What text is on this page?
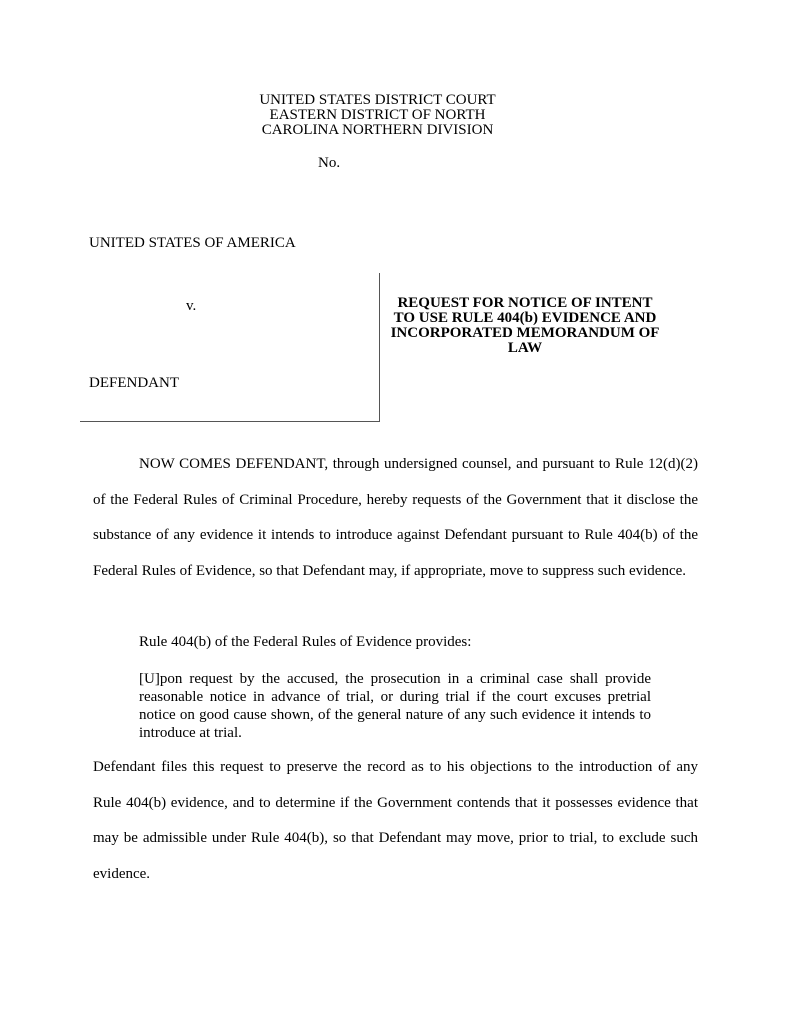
UNITED STATES DISTRICT COURT
EASTERN DISTRICT OF NORTH
CAROLINA NORTHERN DIVISION
No.
UNITED STATES OF AMERICA
v.
DEFENDANT
REQUEST FOR NOTICE OF INTENT
TO USE RULE 404(b) EVIDENCE AND
INCORPORATED MEMORANDUM OF
LAW
NOW COMES DEFENDANT, through undersigned counsel, and pursuant to Rule 12(d)(2) of the Federal Rules of Criminal Procedure, hereby requests of the Government that it disclose the substance of any evidence it intends to introduce against Defendant pursuant to Rule 404(b) of the Federal Rules of Evidence, so that Defendant may, if appropriate, move to suppress such evidence.
Rule 404(b) of the Federal Rules of Evidence provides:
[U]pon request by the accused, the prosecution in a criminal case shall provide reasonable notice in advance of trial, or during trial if the court excuses pretrial notice on good cause shown, of the general nature of any such evidence it intends to introduce at trial.
Defendant files this request to preserve the record as to his objections to the introduction of any Rule 404(b) evidence, and to determine if the Government contends that it possesses evidence that may be admissible under Rule 404(b), so that Defendant may move, prior to trial, to exclude such evidence.
